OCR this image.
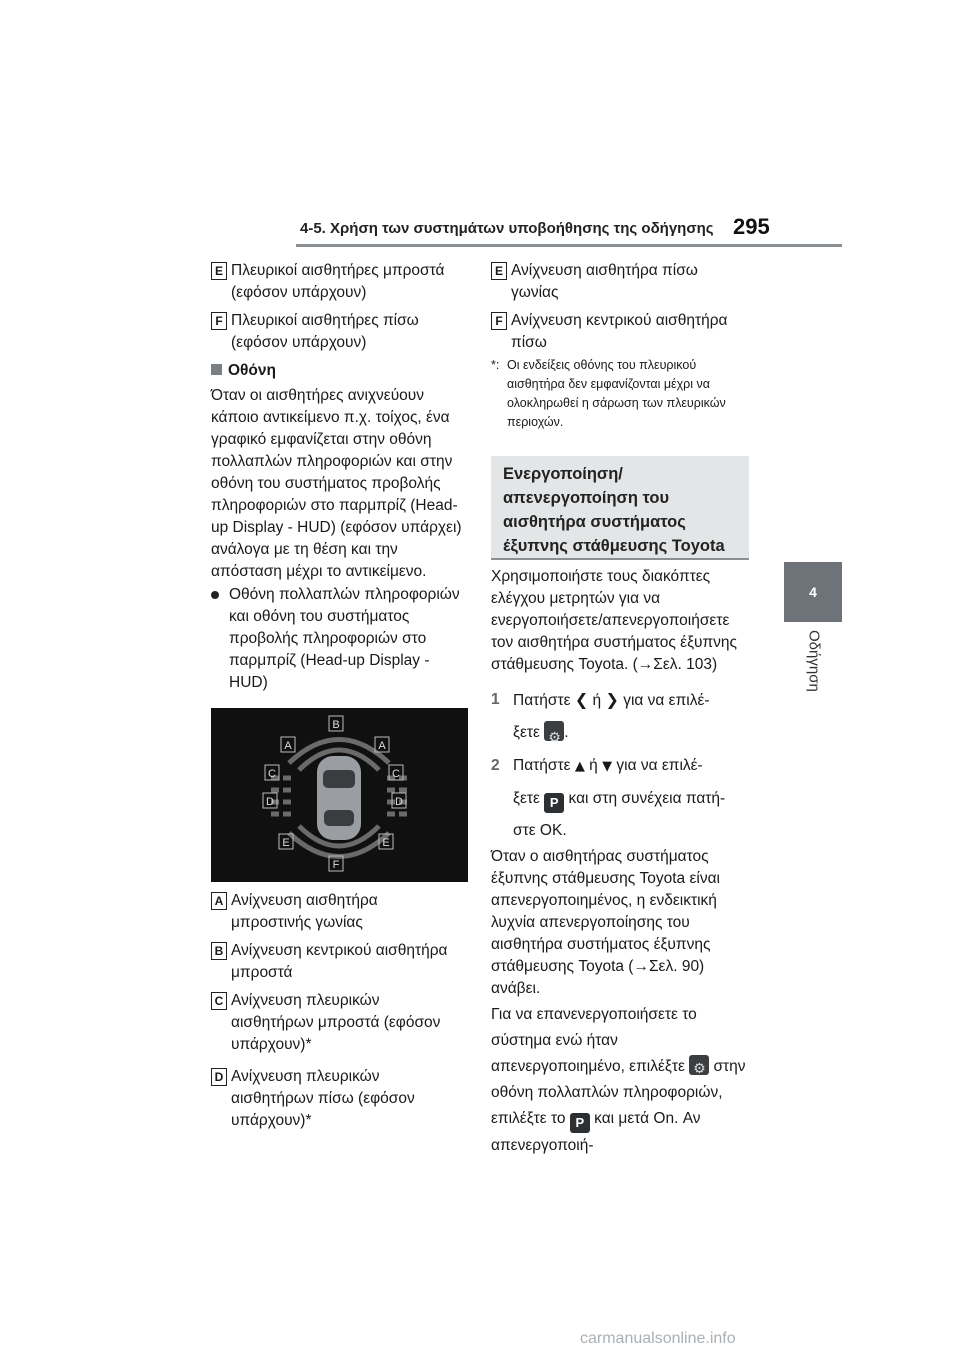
4-5. Χρήση των συστημάτων υποβοήθησης της οδήγησης 295
4
Οδήγηση
E Πλευρικοί αισθητήρες μπροστά (εφόσον υπάρχουν)
F Πλευρικοί αισθητήρες πίσω (εφόσον υπάρχουν)
Οθόνη
Όταν οι αισθητήρες ανιχνεύουν κάποιο αντικείμενο π.χ. τοίχος, ένα γραφικό εμφανίζεται στην οθόνη πολλαπλών πληροφοριών και στην οθόνη του συστήματος προβολής πληροφοριών στο παρμπρίζ (Head-up Display - HUD) (εφόσον υπάρχει) ανάλογα με τη θέση και την απόσταση μέχρι το αντικείμενο.
Οθόνη πολλαπλών πληροφοριών και οθόνη του συστήματος προβολής πληροφοριών στο παρμπρίζ (Head-up Display - HUD)
B
A	A
C	C
D	D
E	E
F
A Ανίχνευση αισθητήρα μπροστινής γωνίας
B Ανίχνευση κεντρικού αισθητήρα μπροστά
C Ανίχνευση πλευρικών αισθητήρων μπροστά (εφόσον υπάρχουν)*
D Ανίχνευση πλευρικών αισθητήρων πίσω (εφόσον υπάρχουν)*
E Ανίχνευση αισθητήρα πίσω γωνίας
F Ανίχνευση κεντρικού αισθητήρα πίσω
*: Οι ενδείξεις οθόνης του πλευρικού αισθητήρα δεν εμφανίζονται μέχρι να ολοκληρωθεί η σάρωση των πλευρικών περιοχών.
Ενεργοποίηση/απενεργοποίηση του αισθητήρα συστήματος έξυπνης στάθμευσης Toyota
Χρησιμοποιήστε τους διακόπτες ελέγχου μετρητών για να ενεργοποιήσετε/απενεργοποιήσετε τον αισθητήρα συστήματος έξυπνης στάθμευσης Toyota. (→Σελ. 103)
1 Πατήστε ❮ ή ❯ για να επιλέ-
ξετε ⚙ .
2 Πατήστε ▲ ή ▼ για να επιλέ-
ξετε P και στη συνέχεια πατή-
στε OK.
Όταν ο αισθητήρας συστήματος έξυπνης στάθμευσης Toyota είναι απενεργοποιημένος, η ενδεικτική λυχνία απενεργοποίησης του αισθητήρα συστήματος έξυπνης στάθμευσης Toyota (→Σελ. 90) ανάβει.
Για να επανενεργοποιήσετε το σύστημα ενώ ήταν απενεργοποιημένο, επιλέξτε ⚙ στην οθόνη πολλαπλών πληροφοριών, επιλέξτε το P και μετά On. Αν απενεργοποιή-
carmanualsonline.info
